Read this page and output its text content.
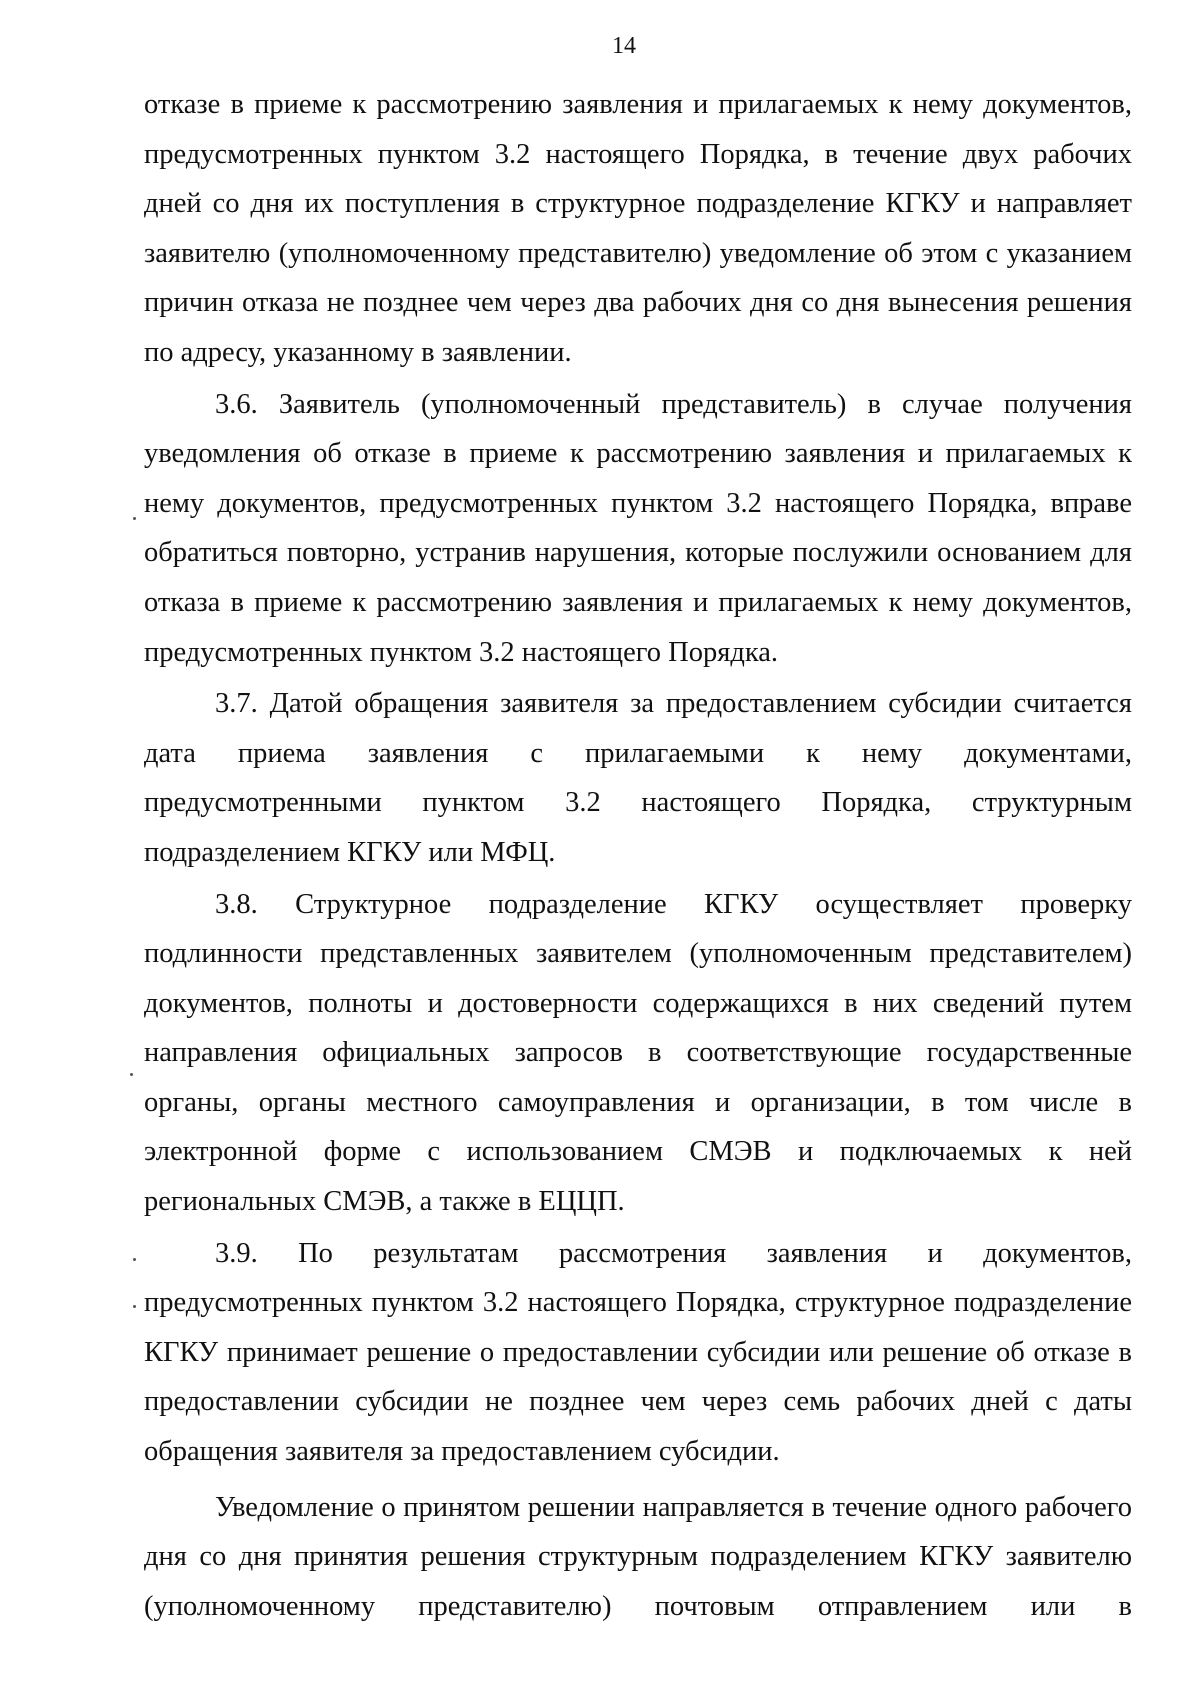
14

отказе в приеме к рассмотрению заявления и прилагаемых к нему документов, предусмотренных пунктом 3.2 настоящего Порядка, в течение двух рабочих дней со дня их поступления в структурное подразделение КГКУ и направляет заявителю (уполномоченному представителю) уведомление об этом с указанием причин отказа не позднее чем через два рабочих дня со дня вынесения решения по адресу, указанному в заявлении.

3.6. Заявитель (уполномоченный представитель) в случае получения уведомления об отказе в приеме к рассмотрению заявления и прилагаемых к нему документов, предусмотренных пунктом 3.2 настоящего Порядка, вправе обратиться повторно, устранив нарушения, которые послужили основанием для отказа в приеме к рассмотрению заявления и прилагаемых к нему документов, предусмотренных пунктом 3.2 настоящего Порядка.

3.7. Датой обращения заявителя за предоставлением субсидии считается дата приема заявления с прилагаемыми к нему документами, предусмотренными пунктом 3.2 настоящего Порядка, структурным подразделением КГКУ или МФЦ.

3.8. Структурное подразделение КГКУ осуществляет проверку подлинности представленных заявителем (уполномоченным представителем) документов, полноты и достоверности содержащихся в них сведений путем направления официальных запросов в соответствующие государственные органы, органы местного самоуправления и организации, в том числе в электронной форме с использованием СМЭВ и подключаемых к ней региональных СМЭВ, а также в ЕЦЦП.

3.9. По результатам рассмотрения заявления и документов, предусмотренных пунктом 3.2 настоящего Порядка, структурное подразделение КГКУ принимает решение о предоставлении субсидии или решение об отказе в предоставлении субсидии не позднее чем через семь рабочих дней с даты обращения заявителя за предоставлением субсидии.

Уведомление о принятом решении направляется в течение одного рабочего дня со дня принятия решения структурным подразделением КГКУ заявителю (уполномоченному представителю) почтовым отправлением или в
